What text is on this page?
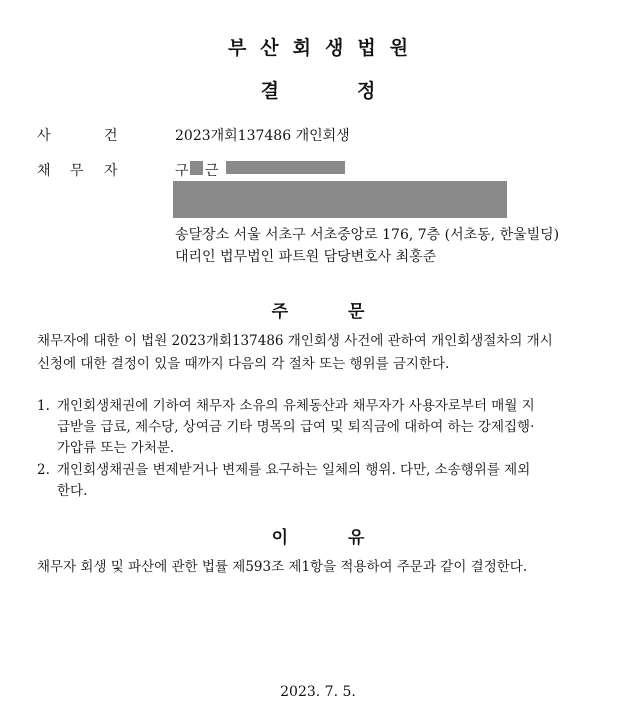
부산회생법원
결	정
사	건	2023개회137486 개인회생
채 무 자	구 근
송달장소 서울 서초구 서초중앙로 176, 7층 (서초동, 한울빌딩)
대리인 법무법인 파트원 담당변호사 최홍준
주	문
채무자에 대한 이 법원 2023개회137486 개인회생 사건에 관하여 개인회생절차의 개시
신청에 대한 결정이 있을 때까지 다음의 각 절차 또는 행위를 금지한다.
1. 개인회생채권에 기하여 채무자 소유의 유체동산과 채무자가 사용자로부터 매월 지
급받을 급료, 제수당, 상여금 기타 명목의 급여 및 퇴직금에 대하여 하는 강제집행·
가압류 또는 가처분.
2. 개인회생채권을 변제받거나 변제를 요구하는 일체의 행위. 다만, 소송행위를 제외
한다.
이	유
채무자 회생 및 파산에 관한 법률 제593조 제1항을 적용하여 주문과 같이 결정한다.
2023. 7. 5.
